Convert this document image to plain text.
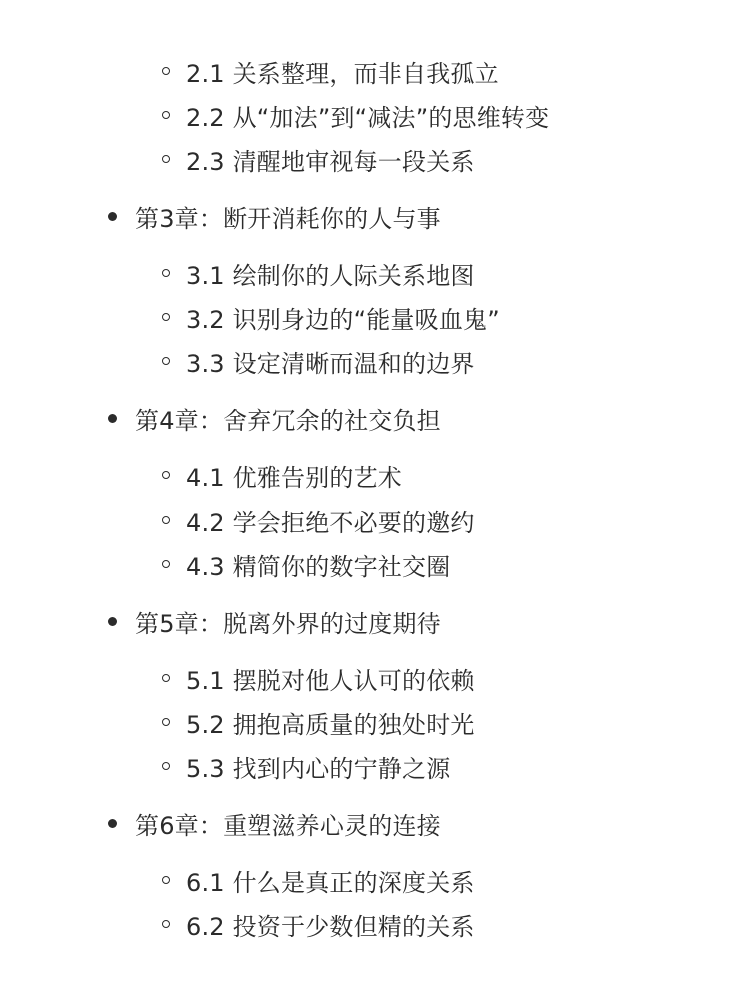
2.1 关系整理，而非自我孤立
2.2 从“加法”到“减法”的思维转变
2.3 清醒地审视每一段关系
第3章：断开消耗你的人与事
3.1 绘制你的人际关系地图
3.2 识别身边的“能量吸血鬼”
3.3 设定清晰而温和的边界
第4章：舍弃冗余的社交负担
4.1 优雅告别的艺术
4.2 学会拒绝不必要的邀约
4.3 精简你的数字社交圈
第5章：脱离外界的过度期待
5.1 摆脱对他人认可的依赖
5.2 拥抱高质量的独处时光
5.3 找到内心的宁静之源
第6章：重塑滋养心灵的连接
6.1 什么是真正的深度关系
6.2 投资于少数但精的关系
